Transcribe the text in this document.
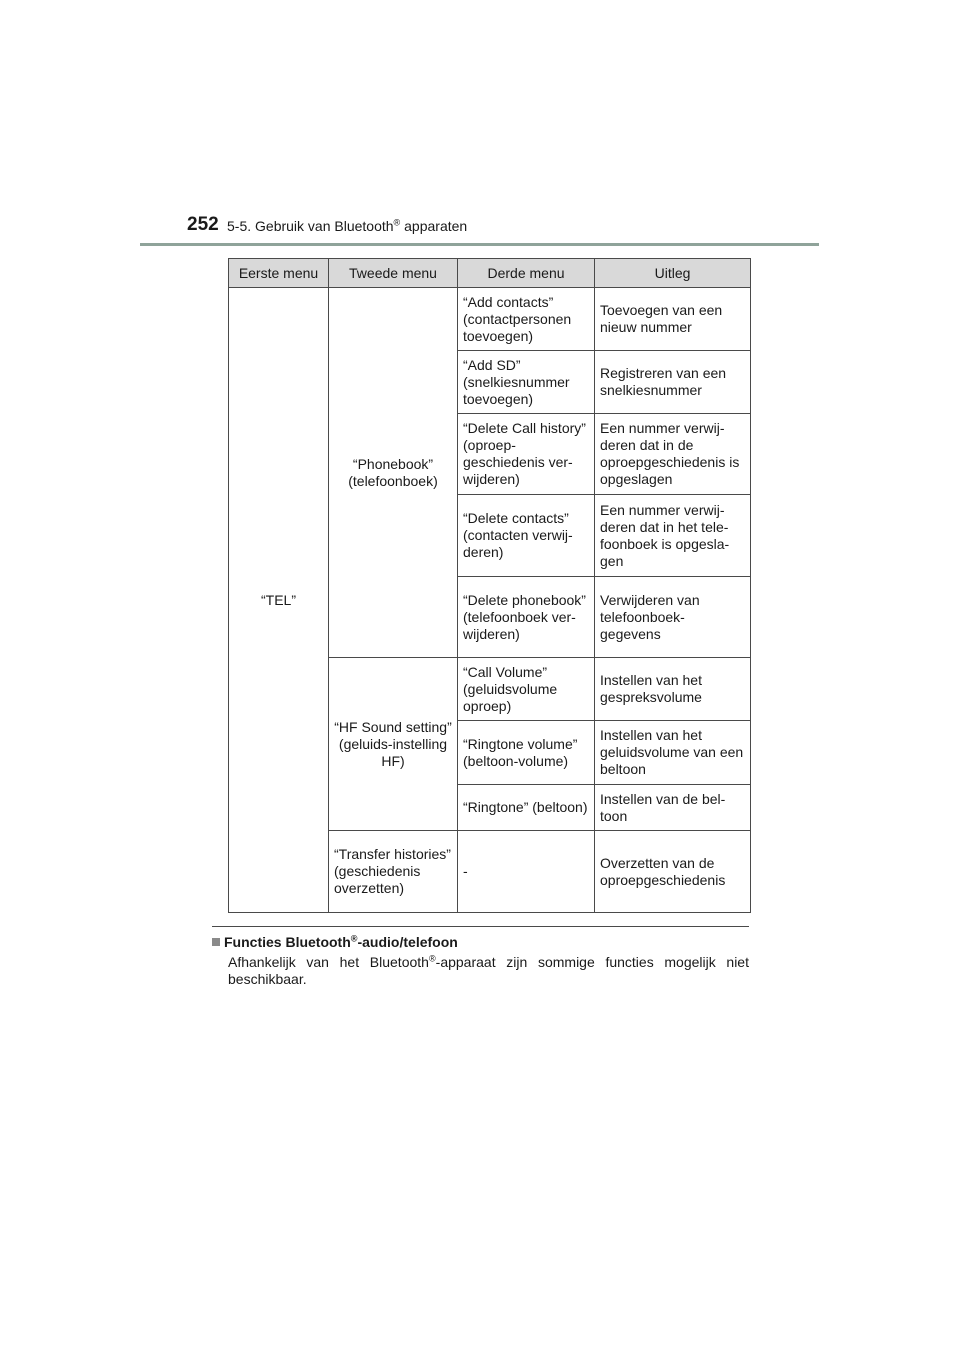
252 5-5. Gebruik van Bluetooth® apparaten
Eerste menu	Tweede menu	Derde menu	Uitleg
“TEL”	“Phonebook” (telefoonboek)	“Add contacts” (contactpersonen toevoegen)	Toevoegen van een nieuw nummer
		“Add SD” (snelkiesnummer toevoegen)	Registreren van een snelkiesnummer
		“Delete Call history” (oproep-geschiedenis ver-wijderen)	Een nummer verwij-deren dat in de oproepgeschiedenis is opgeslagen
		“Delete contacts” (contacten verwij-deren)	Een nummer verwij-deren dat in het tele-foonboek is opgesla-gen
		“Delete phonebook” (telefoonboek ver-wijderen)	Verwijderen van telefoonboek-gegevens
	“HF Sound setting” (geluids-instelling HF)	“Call Volume” (geluidsvolume oproep)	Instellen van het gespreksvolume
		“Ringtone volume” (beltoon-volume)	Instellen van het geluidsvolume van een beltoon
		“Ringtone” (beltoon)	Instellen van de bel-toon
	“Transfer histories” (geschiedenis overzetten)	-	Overzetten van de oproepgeschiedenis
Functies Bluetooth®-audio/telefoon
Afhankelijk van het Bluetooth®-apparaat zijn sommige functies mogelijk niet beschikbaar.
